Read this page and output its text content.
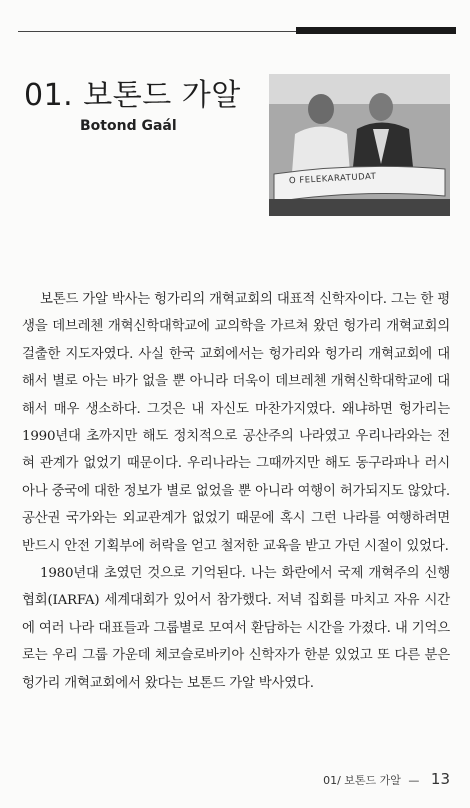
01. 보톤드 가알
Botond Gaál
O FELEKARATUDAT

보톤드 가알 박사는 헝가리의 개혁교회의 대표적 신학자이다. 그는 한 평생을 데브레첸 개혁신학대학교에 교의학을 가르쳐 왔던 헝가리 개혁교회의 걸출한 지도자였다. 사실 한국 교회에서는 헝가리와 헝가리 개혁교회에 대해서 별로 아는 바가 없을 뿐 아니라 더욱이 데브레첸 개혁신학대학교에 대해서 매우 생소하다. 그것은 내 자신도 마찬가지였다. 왜냐하면 헝가리는 1990년대 초까지만 해도 정치적으로 공산주의 나라였고 우리나라와는 전혀 관계가 없었기 때문이다. 우리나라는 그때까지만 해도 동구라파나 러시아나 중국에 대한 정보가 별로 없었을 뿐 아니라 여행이 허가되지도 않았다. 공산권 국가와는 외교관계가 없었기 때문에 혹시 그런 나라를 여행하려면 반드시 안전 기획부에 허락을 얻고 철저한 교육을 받고 가던 시절이 있었다.

1980년대 초였던 것으로 기억된다. 나는 화란에서 국제 개혁주의 신행협회(IARFA) 세계대회가 있어서 참가했다. 저녁 집회를 마치고 자유 시간에 여러 나라 대표들과 그룹별로 모여서 환담하는 시간을 가졌다. 내 기억으로는 우리 그룹 가운데 체코슬로바키아 신학자가 한분 있었고 또 다른 분은 헝가리 개혁교회에서 왔다는 보톤드 가알 박사였다.

01/ 보톤드 가알 — 13
